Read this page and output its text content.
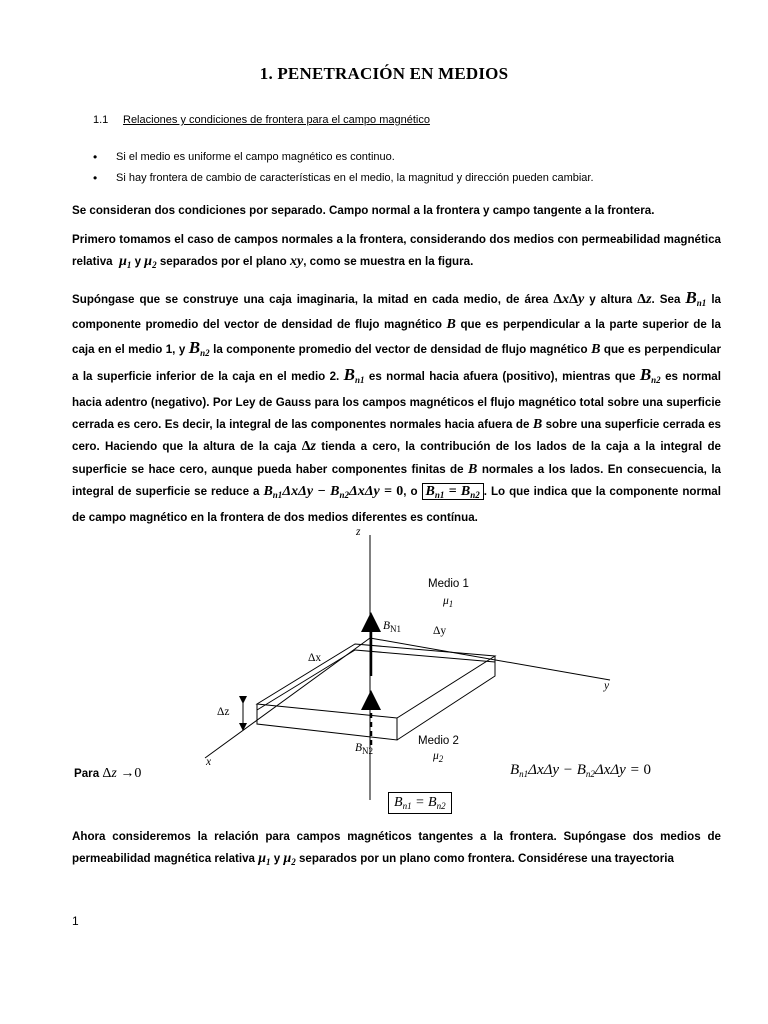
1. PENETRACIÓN EN MEDIOS
1.1 Relaciones y condiciones de frontera para el campo magnético
• Si el medio es uniforme el campo magnético es continuo.
• Si hay frontera de cambio de características en el medio, la magnitud y dirección pueden cambiar.

Se consideran dos condiciones por separado. Campo normal a la frontera y campo tangente a la frontera.

Primero tomamos el caso de campos normales a la frontera, considerando dos medios con permeabilidad magnética relativa $\mu_1$ y $\mu_2$ separados por el plano xy, como se muestra en la figura.

Supóngase que se construye una caja imaginaria, la mitad en cada medio, de área ΔxΔy y altura Δz. Sea $B_{n1}$ la componente promedio del vector de densidad de flujo magnético B que es perpendicular a la parte superior de la caja en el medio 1, y $B_{n2}$ la componente promedio del vector de densidad de flujo magnético B que es perpendicular a la superficie inferior de la caja en el medio 2. $B_{n1}$ es normal hacia afuera (positivo), mientras que $B_{n2}$ es normal hacia adentro (negativo). Por Ley de Gauss para los campos magnéticos el flujo magnético total sobre una superficie cerrada es cero. Es decir, la integral de las componentes normales hacia afuera de B sobre una superficie cerrada es cero. Haciendo que la altura de la caja Δz tienda a cero, la contribución de los lados de la caja a la integral de superficie se hace cero, aunque pueda haber componentes finitas de B normales a los lados. En consecuencia, la integral de superficie se reduce a $B_{n1}\Delta x\Delta y - B_{n2}\Delta x\Delta y = 0$, o $B_{n1} = B_{n2}$ . Lo que indica que la componente normal de campo magnético en la frontera de dos medios diferentes es contínua.

z
y
x
Medio 1
$\mu_1$
Medio 2
$\mu_2$
Δx
Δy
Δz
$B_{N1}$
$B_{N2}$
Para Δz →0	$B_{n1}\Delta x\Delta y - B_{n2}\Delta x\Delta y = 0$
$B_{n1} = B_{n2}$

Ahora consideremos la relación para campos magnéticos tangentes a la frontera. Supóngase dos medios de permeabilidad magnética relativa $\mu_1$ y $\mu_2$ separados por un plano como frontera. Considérese una trayectoria

1
